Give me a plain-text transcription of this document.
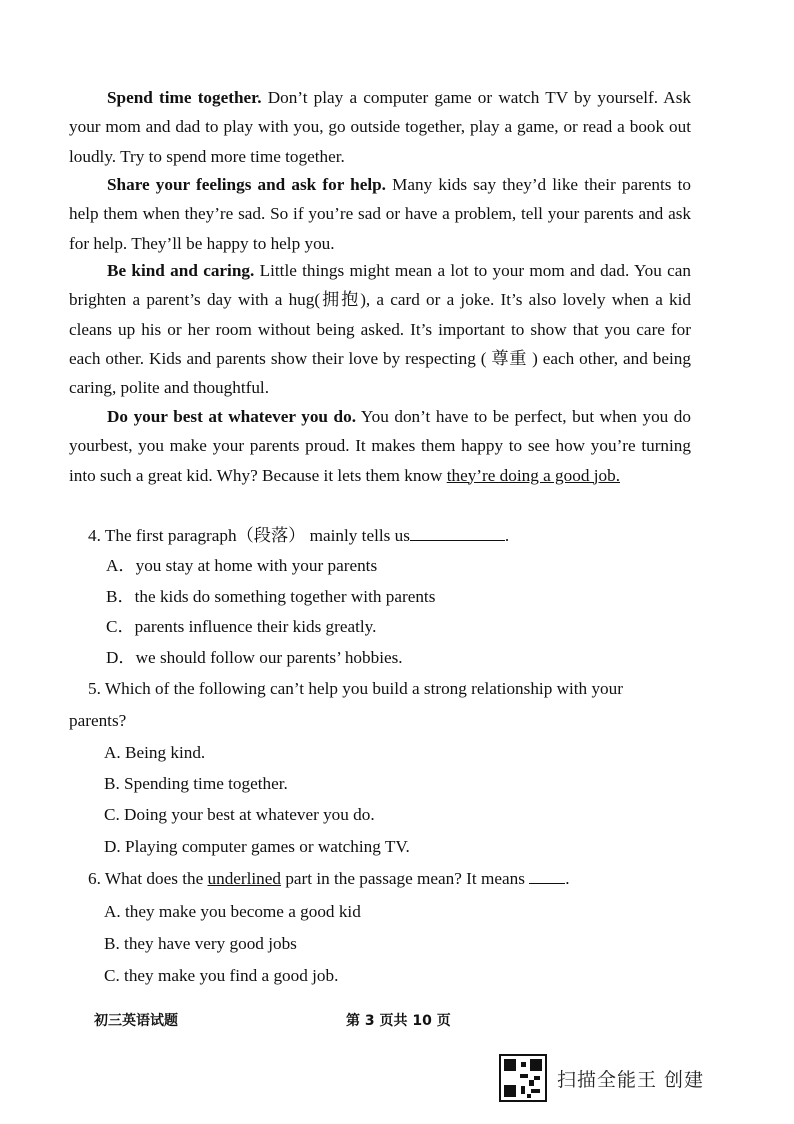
Spend time together. Don’t play a computer game or watch TV by yourself. Ask your mom and dad to play with you, go outside together, play a game, or read a book out loudly. Try to spend more time together.

Share your feelings and ask for help. Many kids say they’d like their parents to help them when they’re sad. So if you’re sad or have a problem, tell your parents and ask for help. They’ll be happy to help you.

Be kind and caring. Little things might mean a lot to your mom and dad. You can brighten a parent’s day with a hug(拥抱), a card or a joke. It’s also lovely when a kid cleans up his or her room without being asked. It’s important to show that you care for each other. Kids and parents show their love by respecting ( 尊重 ) each other, and being caring, polite and thoughtful.

Do your best at whatever you do. You don’t have to be perfect, but when you do yourbest, you make your parents proud. It makes them happy to see how you’re turning into such a great kid. Why? Because it lets them know they’re doing a good job.

4. The first paragraph（段落） mainly tells us	.
A．you stay at home with your parents
B．the kids do something together with parents
C．parents influence their kids greatly.
D．we should follow our parents’ hobbies.
5. Which of the following can’t help you build a strong relationship with your
parents?
A. Being kind.
B. Spending time together.
C. Doing your best at whatever you do.
D. Playing computer games or watching TV.
6. What does the underlined part in the passage mean? It means .
A. they make you become a good kid
B. they have very good jobs
C. they make you find a good job.
初三英语试题	第 3 页共 10 页
扫描全能王 创建
